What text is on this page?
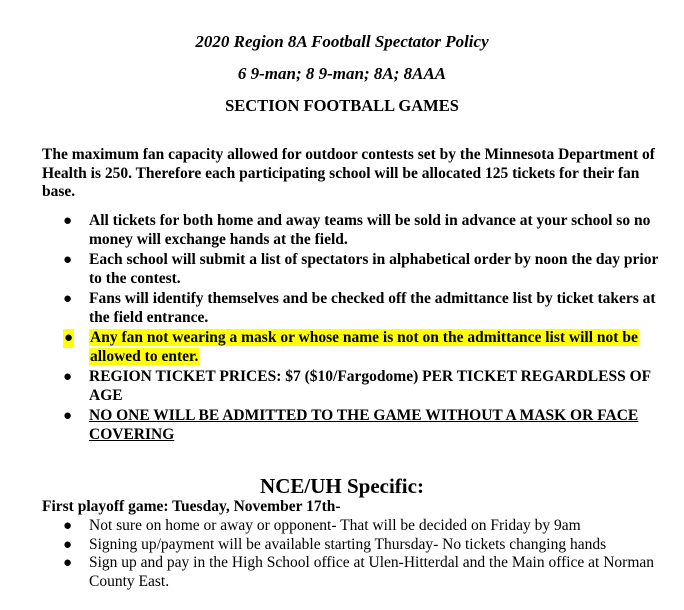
2020 Region 8A Football Spectator Policy
6 9-man; 8 9-man; 8A; 8AAA
SECTION FOOTBALL GAMES

The maximum fan capacity allowed for outdoor contests set by the Minnesota Department of Health is 250. Therefore each participating school will be allocated 125 tickets for their fan base.

● All tickets for both home and away teams will be sold in advance at your school so no money will exchange hands at the field.
● Each school will submit a list of spectators in alphabetical order by noon the day prior to the contest.
● Fans will identify themselves and be checked off the admittance list by ticket takers at the field entrance.
● Any fan not wearing a mask or whose name is not on the admittance list will not be allowed to enter.
● REGION TICKET PRICES: $7 ($10/Fargodome) PER TICKET REGARDLESS OF AGE
● NO ONE WILL BE ADMITTED TO THE GAME WITHOUT A MASK OR FACE COVERING
NCE/UH Specific:
First playoff game: Tuesday, November 17th-
● Not sure on home or away or opponent- That will be decided on Friday by 9am
● Signing up/payment will be available starting Thursday- No tickets changing hands
● Sign up and pay in the High School office at Ulen-Hitterdal and the Main office at Norman County East.
